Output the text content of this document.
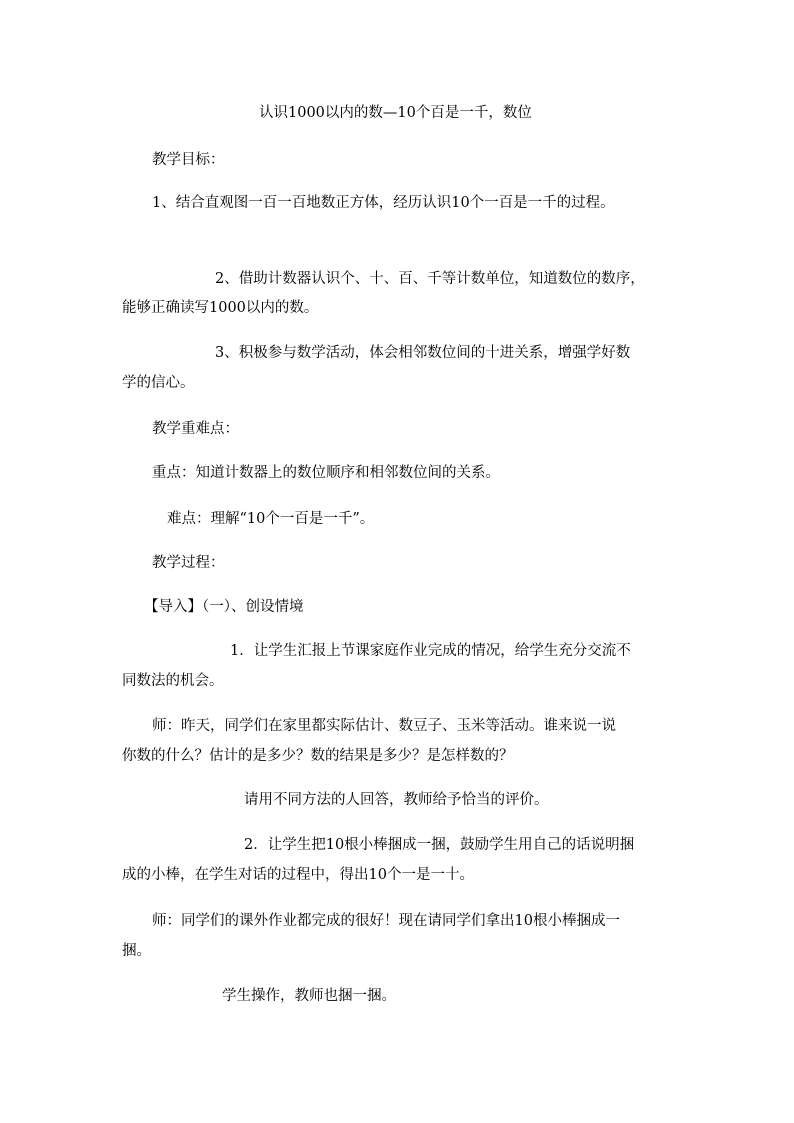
认识1000以内的数—10个百是一千，数位
教学目标：
1、结合直观图一百一百地数正方体，经历认识10个一百是一千的过程。
2、借助计数器认识个、十、百、千等计数单位，知道数位的数序，
能够正确读写1000以内的数。
3、积极参与数学活动，体会相邻数位间的十进关系，增强学好数
学的信心。
教学重难点：
重点：知道计数器上的数位顺序和相邻数位间的关系。
难点：理解“10个一百是一千”。
教学过程：
【导入】（一）、创设情境
1．让学生汇报上节课家庭作业完成的情况，给学生充分交流不
同数法的机会。
师：昨天，同学们在家里都实际估计、数豆子、玉米等活动。谁来说一说
你数的什么？估计的是多少？数的结果是多少？是怎样数的？
请用不同方法的人回答，教师给予恰当的评价。
2．让学生把10根小棒捆成一捆，鼓励学生用自己的话说明捆
成的小棒，在学生对话的过程中，得出10个一是一十。
师：同学们的课外作业都完成的很好！现在请同学们拿出10根小棒捆成一
捆。
学生操作，教师也捆一捆。
